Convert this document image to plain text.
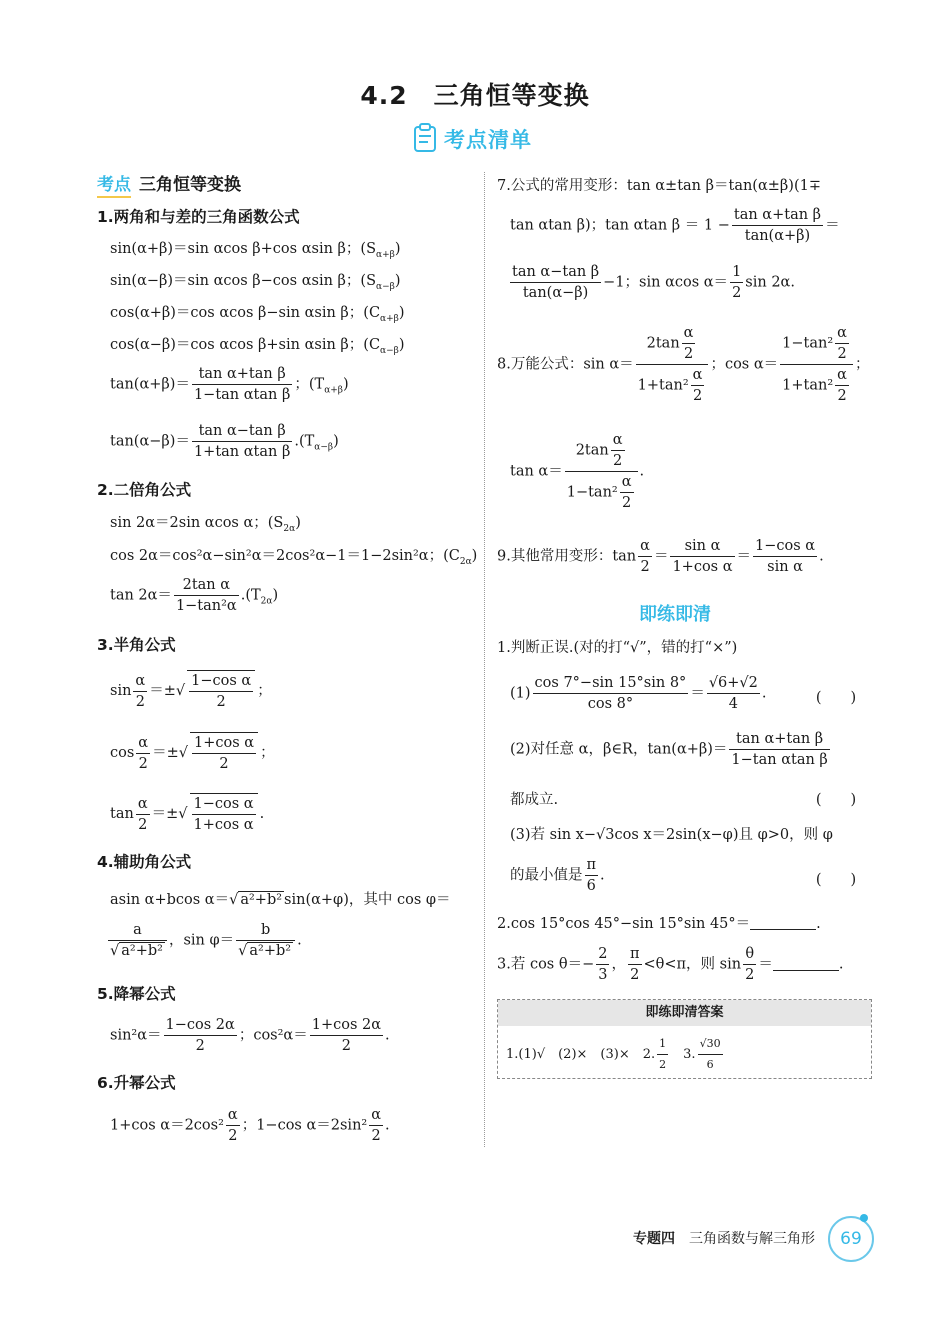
4.2　三角恒等变换
考点清单
考点 三角恒等变换
1.两角和与差的三角函数公式
sin(α+β)＝sin αcos β+cos αsin β；$(S_{\alpha+\beta})$
sin(α−β)＝sin αcos β−cos αsin β；$(S_{\alpha-\beta})$
cos(α+β)＝cos αcos β−sin αsin β；$(C_{\alpha+\beta})$
cos(α−β)＝cos αcos β+sin αsin β；$(C_{\alpha-\beta})$
$\tan(\alpha+\beta)= \frac{\text{tan α+tan β}}{\text{1−tan αtan β}}$ ；$(T_{\alpha+\beta})$
$\tan(\alpha-\beta)= \frac{\text{tan α−tan β}}{\text{1+tan αtan β}} .(T_{\alpha-\beta})$
2.二倍角公式
sin 2α＝2sin αcos α；$(S_{2\alpha})$
cos 2α＝cos²α−sin²α＝2cos²α−1＝1−2sin²α；$(C_{2\alpha})$
$\tan 2\alpha= \frac{\text{2tan α}}{\text{1−tan²α}} .(T_{2\alpha})$
3.半角公式
$\sin \frac{\alpha}{2}$ ＝±√ $\frac{\text{1−cos α}}{2}$ ；
$\cos \frac{\alpha}{2}$ ＝±√ $\frac{\text{1+cos α}}{2}$ ；
$\tan \frac{\alpha}{2}$ ＝±√ $\frac{\text{1−cos α}}{\text{1+cos α}}$ .
4.辅助角公式
asin α+bcos α＝√ a²+b² sin(α+φ)，其中 cos φ＝
$\frac{a}{\text{√ a²+b²}}$ ，$\sin \varphi= \frac{b}{\text{√ a²+b²}}$ .
5.降幂公式
$\sin^2\alpha= \frac{1-\cos 2\alpha}{2}$ ；$\cos^2\alpha= \frac{1+\cos 2\alpha}{2}$ .
6.升幂公式
1+cos $\alpha=2\cos^2 \frac{\alpha}{2}$ ；1−cos $\alpha=2\sin^2 \frac{\alpha}{2}$ .
7.公式的常用变形：tan α±tan β＝tan(α±β)(1∓
tan αtan β)；tan αtan $\beta = 1 - \frac{\text{tan α+tan β}}{\tan(\alpha+\beta)}$ ＝
$\frac{\text{tan α−tan β}}{\tan(\alpha-\beta)} -1$；sin αcos $\alpha= \frac{1}{2}$ sin 2α.
8.万能公式：$\sin \alpha= \frac{2\tan \frac{\alpha}{2}}{1+\tan^2 \frac{\alpha}{2}}$ ；$\cos \alpha= \frac{1-\tan^2 \frac{\alpha}{2}}{1+\tan^2 \frac{\alpha}{2}}$ ；
$\tan \alpha= \frac{2\tan \frac{\alpha}{2}}{1-\tan^2 \frac{\alpha}{2}}$ .
9.其他常用变形：$\tan \frac{\alpha}{2} = \frac{\text{sin α}}{\text{1+cos α}} = \frac{\text{1−cos α}}{\text{sin α}}$ .
即练即清
1.判断正误.(对的打“√”，错的打“×”)
$(1) \frac{\cos 7^\circ-\sin 15^\circ\sin 8^\circ}{\cos 8^\circ} = \frac{√6+√2}{4}$ .	(　　)
(2)对任意 α，β∈R，$\tan(\alpha+\beta)= \frac{\text{tan α+tan β}}{\text{1−tan αtan β}}$
都成立.	(　　)
(3)若 sin x−√3cos x＝2sin(x−φ)且 φ>0，则 φ
的最小值是 $\frac{\pi}{6}$ .	(　　)
2.cos 15°cos 45°−sin 15°sin 45°＝	.
3.若 $\cos \theta=- \frac{2}{3}$ ， $\frac{\pi}{2} <\theta<\pi$，则 $\sin \frac{\theta}{2}$ ＝	.
即练即清答案
1.(1)√　(2)×　(3)×　 2. $\frac{1}{2}$
　 3. $\frac{√30}{6}$
专题四　 三角函数与解三角形	69
